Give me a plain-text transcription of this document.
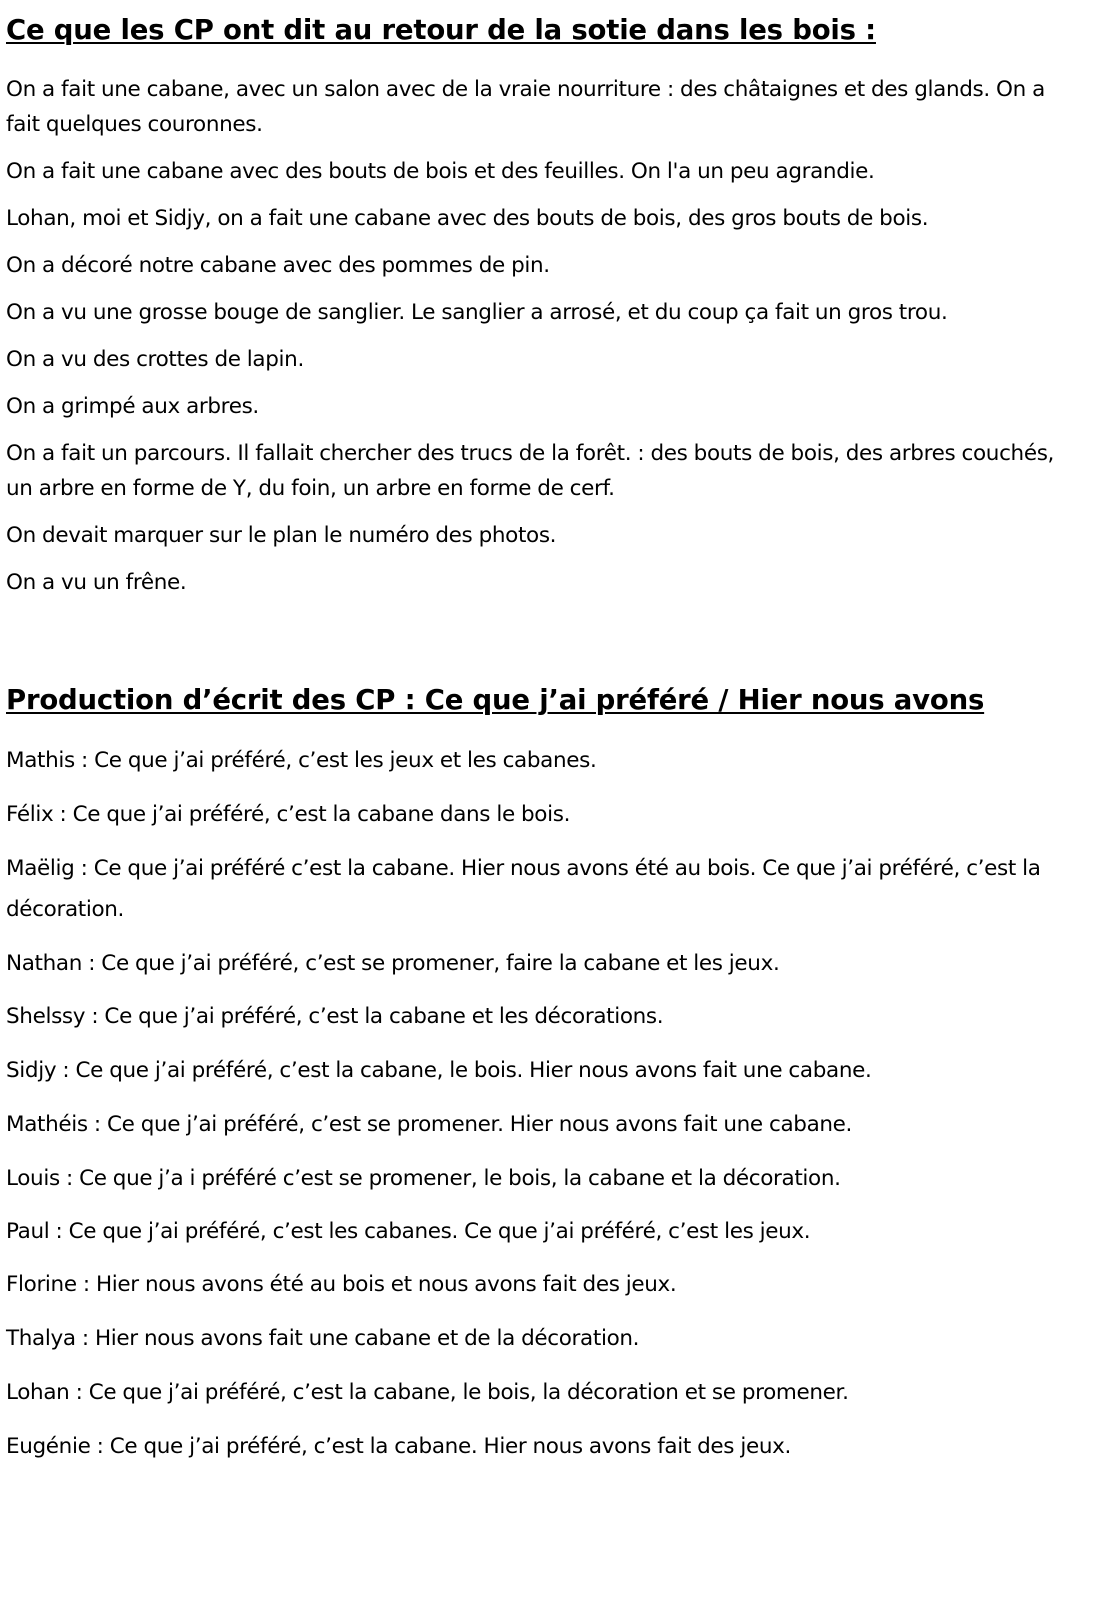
Ce que les CP ont dit au retour de la sotie dans les bois :

On a fait une cabane, avec un salon avec de la vraie nourriture : des châtaignes et des glands. On a fait quelques couronnes.

On a fait une cabane avec des bouts de bois et des feuilles. On l'a un peu agrandie.

Lohan, moi et Sidjy, on a fait une cabane avec des bouts de bois, des gros bouts de bois.

On a décoré notre cabane avec des pommes de pin.

On a vu une grosse bouge de sanglier. Le sanglier a arrosé, et du coup ça fait un gros trou.

On a vu des crottes de lapin.

On a grimpé aux arbres.

On a fait un parcours. Il fallait chercher des trucs de la forêt. : des bouts de bois, des arbres couchés, un arbre en forme de Y, du foin, un arbre en forme de cerf.

On devait marquer sur le plan le numéro des photos.

On a vu un frêne.

Production d’écrit des CP : Ce que j’ai préféré / Hier nous avons

Mathis : Ce que j’ai préféré, c’est les jeux et les cabanes.

Félix : Ce que j’ai préféré, c’est la cabane dans le bois.

Maëlig : Ce que j’ai préféré c’est la cabane. Hier nous avons été au bois. Ce que j’ai préféré, c’est la décoration.

Nathan : Ce que j’ai préféré, c’est se promener, faire la cabane et les jeux.

Shelssy : Ce que j’ai préféré, c’est la cabane et les décorations.

Sidjy : Ce que j’ai préféré, c’est la cabane, le bois. Hier nous avons fait une cabane.

Mathéis : Ce que j’ai préféré, c’est se promener. Hier nous avons fait une cabane.

Louis : Ce que j’a i préféré c’est se promener, le bois, la cabane et la décoration.

Paul : Ce que j’ai préféré, c’est les cabanes. Ce que j’ai préféré, c’est les jeux.

Florine : Hier nous avons été au bois et nous avons fait des jeux.

Thalya : Hier nous avons fait une cabane et de la décoration.

Lohan : Ce que j’ai préféré, c’est la cabane, le bois, la décoration et se promener.

Eugénie : Ce que j’ai préféré, c’est la cabane. Hier nous avons fait des jeux.
